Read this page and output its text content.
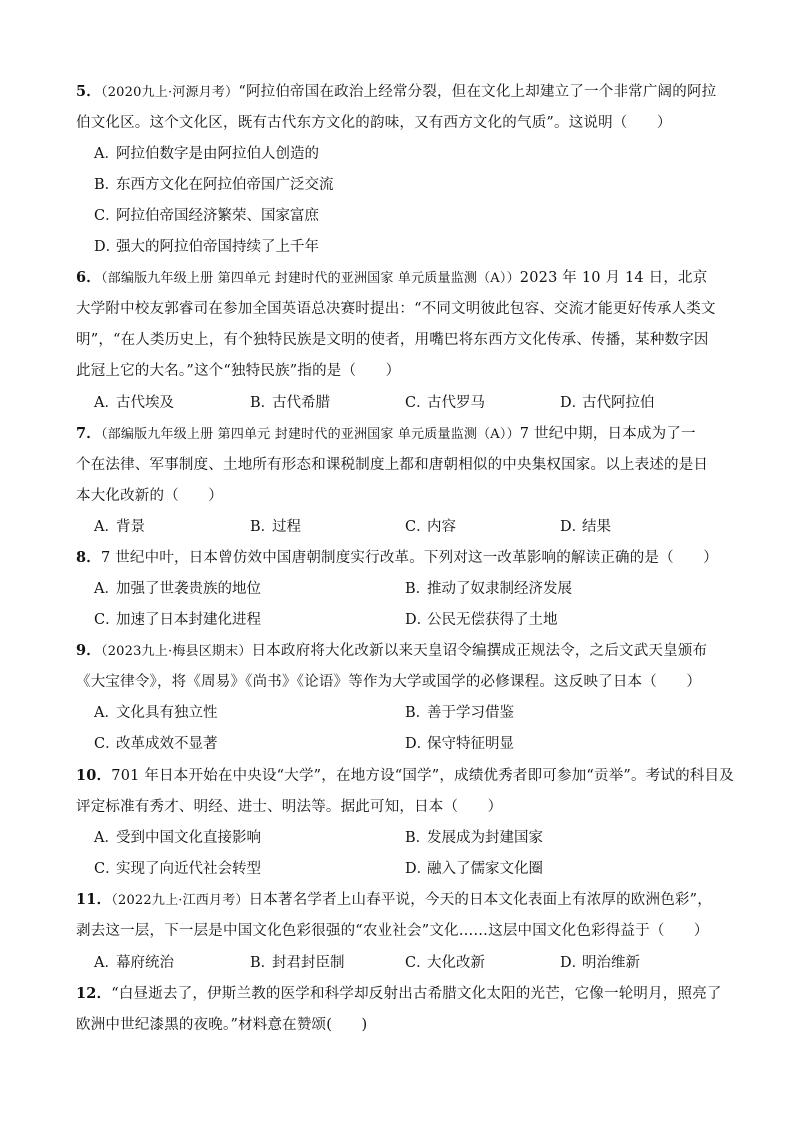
5．（2020九上·河源月考）“阿拉伯帝国在政治上经常分裂，但在文化上却建立了一个非常广阔的阿拉
伯文化区。这个文化区，既有古代东方文化的韵味，又有西方文化的气质”。这说明（　　）
A．阿拉伯数字是由阿拉伯人创造的
B．东西方文化在阿拉伯帝国广泛交流
C．阿拉伯帝国经济繁荣、国家富庶
D．强大的阿拉伯帝国持续了上千年
6．（部编版九年级上册 第四单元 封建时代的亚洲国家 单元质量监测（A））2023 年 10 月 14 日，北京
大学附中校友郭睿司在参加全国英语总决赛时提出：“不同文明彼此包容、交流才能更好传承人类文
明”，“在人类历史上，有个独特民族是文明的使者，用嘴巴将东西方文化传承、传播，某种数字因
此冠上它的大名。”这个“独特民族”指的是（　　）
A．古代埃及	B．古代希腊	C．古代罗马	D．古代阿拉伯
7．（部编版九年级上册 第四单元 封建时代的亚洲国家 单元质量监测（A））7 世纪中期，日本成为了一
个在法律、军事制度、土地所有形态和课税制度上都和唐朝相似的中央集权国家。以上表述的是日
本大化改新的（　　）
A．背景	B．过程	C．内容	D．结果
8．7 世纪中叶，日本曾仿效中国唐朝制度实行改革。下列对这一改革影响的解读正确的是（　　）
A．加强了世袭贵族的地位	B．推动了奴隶制经济发展
C．加速了日本封建化进程	D．公民无偿获得了土地
9．（2023九上·梅县区期末）日本政府将大化改新以来天皇诏令编撰成正规法令，之后文武天皇颁布
《大宝律令》，将《周易》《尚书》《论语》等作为大学或国学的必修课程。这反映了日本（　　）
A．文化具有独立性	B．善于学习借鉴
C．改革成效不显著	D．保守特征明显
10．701 年日本开始在中央设“大学”，在地方设“国学”，成绩优秀者即可参加“贡举”。考试的科目及
评定标准有秀才、明经、进士、明法等。据此可知，日本（　　）
A．受到中国文化直接影响	B．发展成为封建国家
C．实现了向近代社会转型	D．融入了儒家文化圈
11．（2022九上·江西月考）日本著名学者上山春平说，今天的日本文化表面上有浓厚的欧洲色彩”，
剥去这一层，下一层是中国文化色彩很强的“农业社会”文化……这层中国文化色彩得益于（　　）
A．幕府统治	B．封君封臣制	C．大化改新	D．明治维新
12．“白昼逝去了，伊斯兰教的医学和科学却反射出古希腊文化太阳的光芒，它像一轮明月，照亮了
欧洲中世纪漆黑的夜晚。”材料意在赞颂(　　)
